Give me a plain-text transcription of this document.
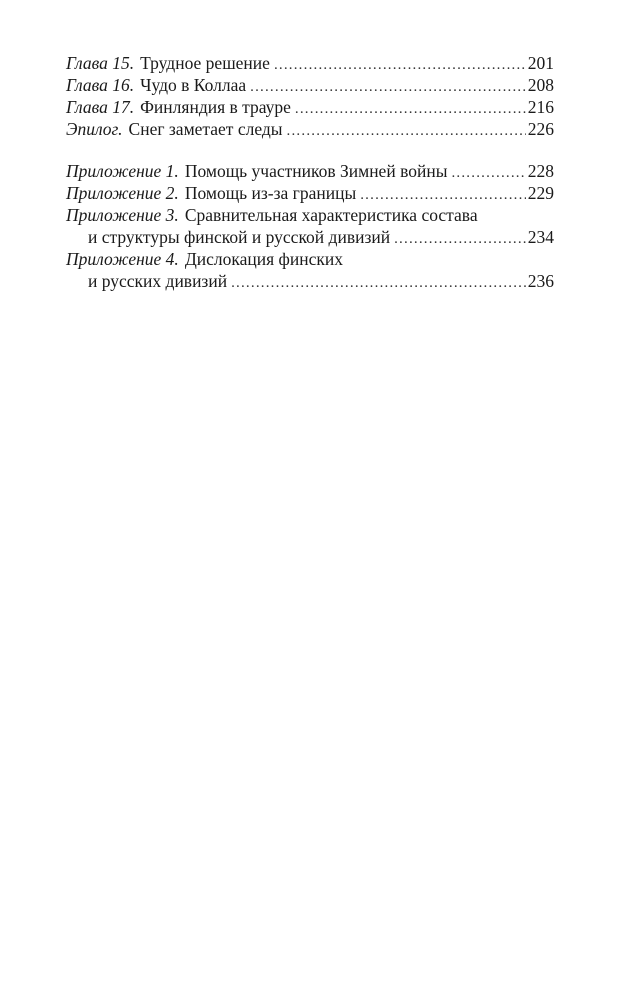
Глава 15. Трудное решение .....	201
Глава 16. Чудо в Коллаа .....	208
Глава 17. Финляндия в трауре .....	216
Эпилог. Снег заметает следы .....	226
Приложение 1. Помощь участников Зимней войны .....	228
Приложение 2. Помощь из-за границы .....	229
Приложение 3. Сравнительная характеристика состава
и структуры финской и русской дивизий .....	234
Приложение 4. Дислокация финских
и русских дивизий .....	236
